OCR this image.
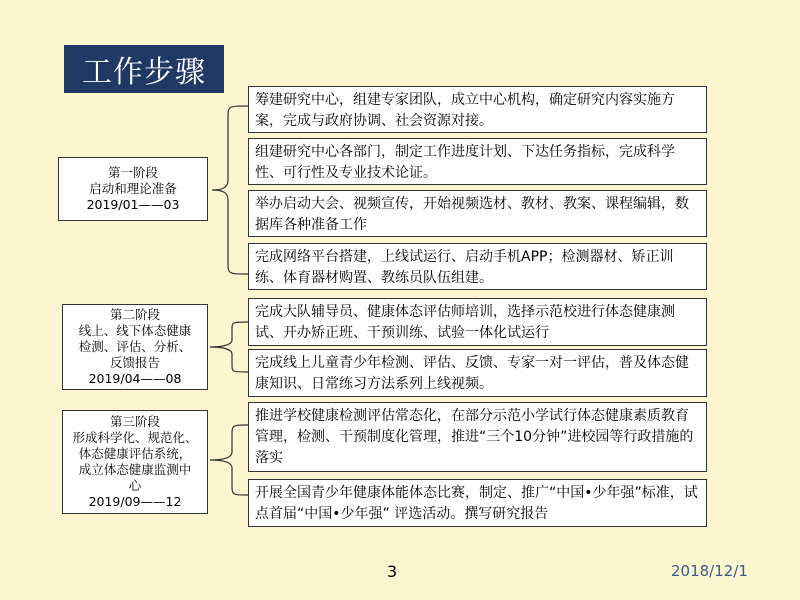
工作步骤
第一阶段
启动和理论准备
2019/01——03
筹建研究中心，组建专家团队，成立中心机构，确定研究内容实施方案，完成与政府协调、社会资源对接。
组建研究中心各部门，制定工作进度计划、下达任务指标，完成科学性、可行性及专业技术论证。
举办启动大会、视频宣传，开始视频选材、教材、教案、课程编辑，数据库各种准备工作
完成网络平台搭建，上线试运行、启动手机APP；检测器材、矫正训练、体育器材购置、教练员队伍组建。
第二阶段
线上、线下体态健康
检测、评估、分析、
反馈报告
2019/04——08
完成大队辅导员、健康体态评估师培训，选择示范校进行体态健康测试、开办矫正班、干预训练、试验一体化试运行
完成线上儿童青少年检测、评估、反馈、专家一对一评估，普及体态健康知识、日常练习方法系列上线视频。
第三阶段
形成科学化、规范化、
体态健康评估系统，
成立体态健康监测中
心
2019/09——12
推进学校健康检测评估常态化，在部分示范小学试行体态健康素质教育管理，检测、干预制度化管理，推进“三个10分钟”进校园等行政措施的落实
开展全国青少年健康体能体态比赛，制定、推广“中国•少年强”标准，试点首届“中国•少年强” 评选活动。撰写研究报告
3	2018/12/1
